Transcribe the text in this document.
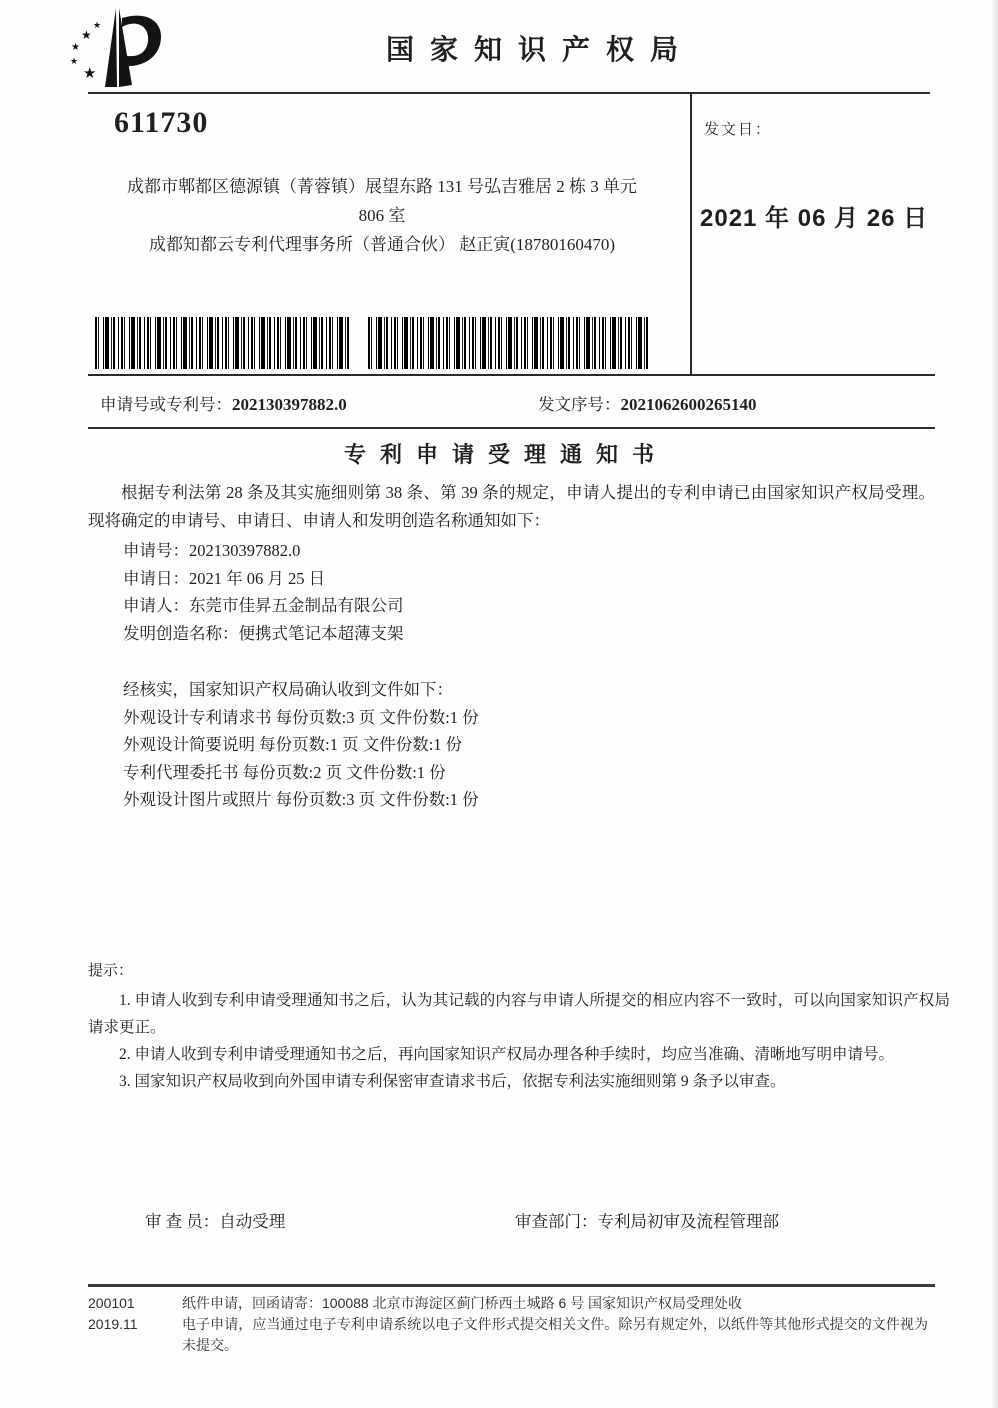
★
★
★
★
★
国家知识产权局
611730
成都市郫都区德源镇（菁蓉镇）展望东路 131 号弘吉雅居 2 栋 3 单元
806 室
成都知都云专利代理事务所（普通合伙） 赵正寅(18780160470)
发文日：
2021 年 06 月 26 日
申请号或专利号：202130397882.0	发文序号：2021062600265140
专利申请受理通知书

根据专利法第 28 条及其实施细则第 38 条、第 39 条的规定，申请人提出的专利申请已由国家知识产权局受理。现将确定的申请号、申请日、申请人和发明创造名称通知如下：

申请号：202130397882.0
申请日：2021 年 06 月 25 日
申请人：东莞市佳昇五金制品有限公司
发明创造名称：便携式笔记本超薄支架
经核实，国家知识产权局确认收到文件如下：
外观设计专利请求书 每份页数:3 页 文件份数:1 份
外观设计简要说明 每份页数:1 页 文件份数:1 份
专利代理委托书 每份页数:2 页 文件份数:1 份
外观设计图片或照片 每份页数:3 页 文件份数:1 份

提示：

1. 申请人收到专利申请受理通知书之后，认为其记载的内容与申请人所提交的相应内容不一致时，可以向国家知识产权局请求更正。

2. 申请人收到专利申请受理通知书之后，再向国家知识产权局办理各种手续时，均应当准确、清晰地写明申请号。

3. 国家知识产权局收到向外国申请专利保密审查请求书后，依据专利法实施细则第 9 条予以审查。

审 查 员：自动受理	审查部门：专利局初审及流程管理部
200101
2019.11

纸件申请，回函请寄：100088 北京市海淀区蓟门桥西土城路 6 号 国家知识产权局受理处收

电子申请，应当通过电子专利申请系统以电子文件形式提交相关文件。除另有规定外，以纸件等其他形式提交的文件视为未提交。
